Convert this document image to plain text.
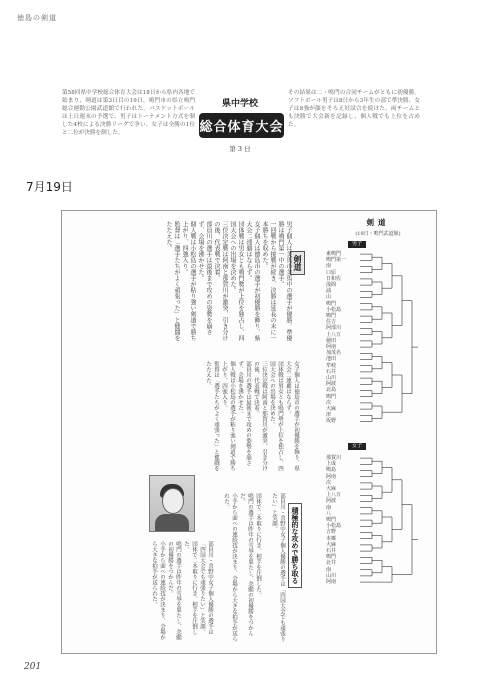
徳島の剣道
第58回県中学校総合体育大会は18日から県内各地で始まり、剣道は第3日目の19日、鳴門市の県立鳴門総合運動公園武道館で行われた。バスケットボールは土日週末の予選で、男子はトーナメント方式を制した4校による決勝リーグで争い、女子は全勝の1位と二位が決勝を制した。
県中学校
総合体育大会
第 3 日
その結果は二・鳴門の合同チームがともに初優勝。ソフトボール男子は8日から3年生の部で準決勝、女子は8強が顔をそろえ好試合を続けた。両チームとも決勝で大会新を記録し、個人戦でも上位を占めた。
7月19日
剣道
男子個人は美馬市美馬中の選手が優勝、準優勝は鳴門第一中の選手。
一回戦から接戦が続き、決勝は延長の末に一本勝ちを収めた。
女子個人は徳島市の選手が初優勝を飾り、県大会二連覇はならず。
団体戦は男女とも鳴門勢が上位を独占し、四国大会への出場を決めた。
三位決定戦は阿南と那賀川が激突、引き分けの後、代表戦で決着。
部員川の選手は最後まで攻めの姿勢を崩さず、会場を沸かせた。
個人戦は小松島の選手が粘り強い剣道で勝ち上がり、四強入り。
監督は「選手たちがよく頑張った」と健闘をたたえた。
女子個人は徳島市の選手が初優勝を飾り、県大会二連覇はならず。
団体戦は男女とも鳴門勢が上位を独占し、四国大会への出場を決めた。
三位決定戦は阿南と那賀川が激突、引き分けの後、代表戦で決着。
部員川の選手は最後まで攻めの姿勢を崩さず、会場を沸かせた。
個人戦は小松島の選手が粘り強い剣道で勝ち上がり、四強入り。
監督は「選手たちがよく頑張った」と健闘をたたえた。
積極的な攻めで勝ち取る
部員川・喜野中女子個人優勝の選手は「四国大会でも頑張りたい」と笑顔。
団体で二本取りに行き、相手を圧倒した。
鳴門の選手は昨年の雪辱を果たし、念願の初優勝をつかんだ。
小手から面への連続技が決まり、会場から大きな拍手が送られた。
部員川・喜野中女子個人優勝の選手は「四国大会でも頑張りたい」と笑顔。
団体で二本取りに行き、相手を圧倒した。
鳴門の選手は昨年の雪辱を果たし、念願の初優勝をつかんだ。
小手から面への連続技が決まり、会場から大きな拍手が送られた。
剣道
(19日・鳴門武道館)
男子
東鳴門
鳴門第一
南
口原
日和佐
浅間
浦
山
鳴門
小松島
鳴門
住吉
阿部川
上八万
徳田
阿南
加茂名
池田
牟岐
石井
山川
阿波
北島
鳴門
次
大麻
津
坂野
女子
那賀川
上成
鳴島
阿南
次
大麻
上八万
阿波
南
八
鳴門
小松島
吉野
本郷
大麻
石井
鳴門
北井
南
山川
阿南
201
